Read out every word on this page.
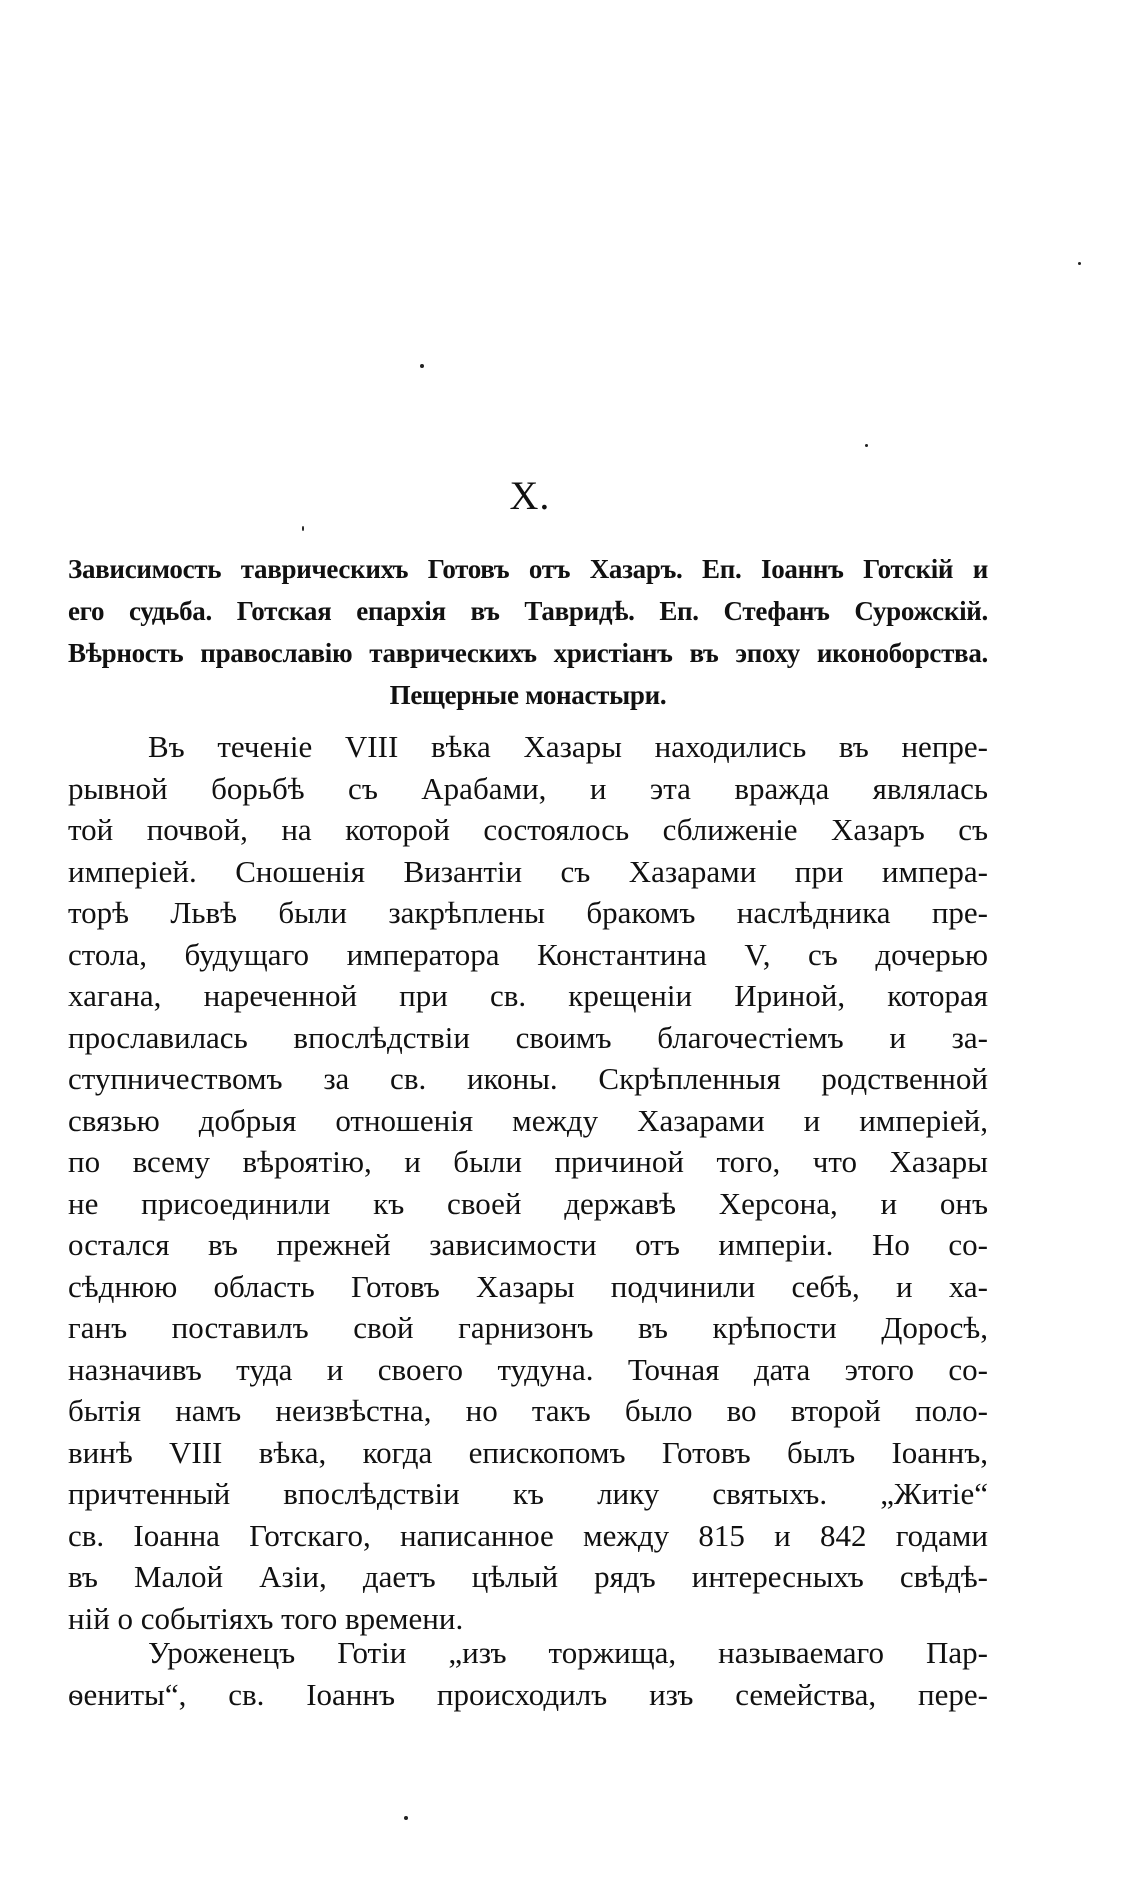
X.
Зависимость таврическихъ Готовъ отъ Хазаръ. Еп. Іоаннъ Готскій и
его судьба. Готская епархія въ Тавридѣ. Еп. Стефанъ Сурожскій.
Вѣрность православію таврическихъ христіанъ въ эпоху иконоборства.
Пещерные монастыри.
Въ теченіе VIII вѣка Хазары находились въ непре-
рывной борьбѣ съ Арабами, и эта вражда являлась
той почвой, на которой состоялось сближеніе Хазаръ съ
имперіей. Сношенія Византіи съ Хазарами при импера-
торѣ Львѣ были закрѣплены бракомъ наслѣдника пре-
стола, будущаго императора Константина V, съ дочерью
хагана, нареченной при св. крещеніи Ириной, которая
прославилась впослѣдствіи своимъ благочестіемъ и за-
ступничествомъ за св. иконы. Скрѣпленныя родственной
связью добрыя отношенія между Хазарами и имперіей,
по всему вѣроятію, и были причиной того, что Хазары
не присоединили къ своей державѣ Херсона, и онъ
остался въ прежней зависимости отъ имперіи. Но со-
сѣднюю область Готовъ Хазары подчинили себѣ, и ха-
ганъ поставилъ свой гарнизонъ въ крѣпости Доросѣ,
назначивъ туда и своего тудуна. Точная дата этого со-
бытія намъ неизвѣстна, но такъ было во второй поло-
винѣ VIII вѣка, когда епископомъ Готовъ былъ Іоаннъ,
причтенный впослѣдствіи къ лику святыхъ. „Житіе“
св. Іоанна Готскаго, написанное между 815 и 842 годами
въ Малой Азіи, даетъ цѣлый рядъ интересныхъ свѣдѣ-
ній о событіяхъ того времени.
Уроженецъ Готіи „изъ торжища, называемаго Пар-
ѳениты“, св. Іоаннъ происходилъ изъ семейства, пере-
